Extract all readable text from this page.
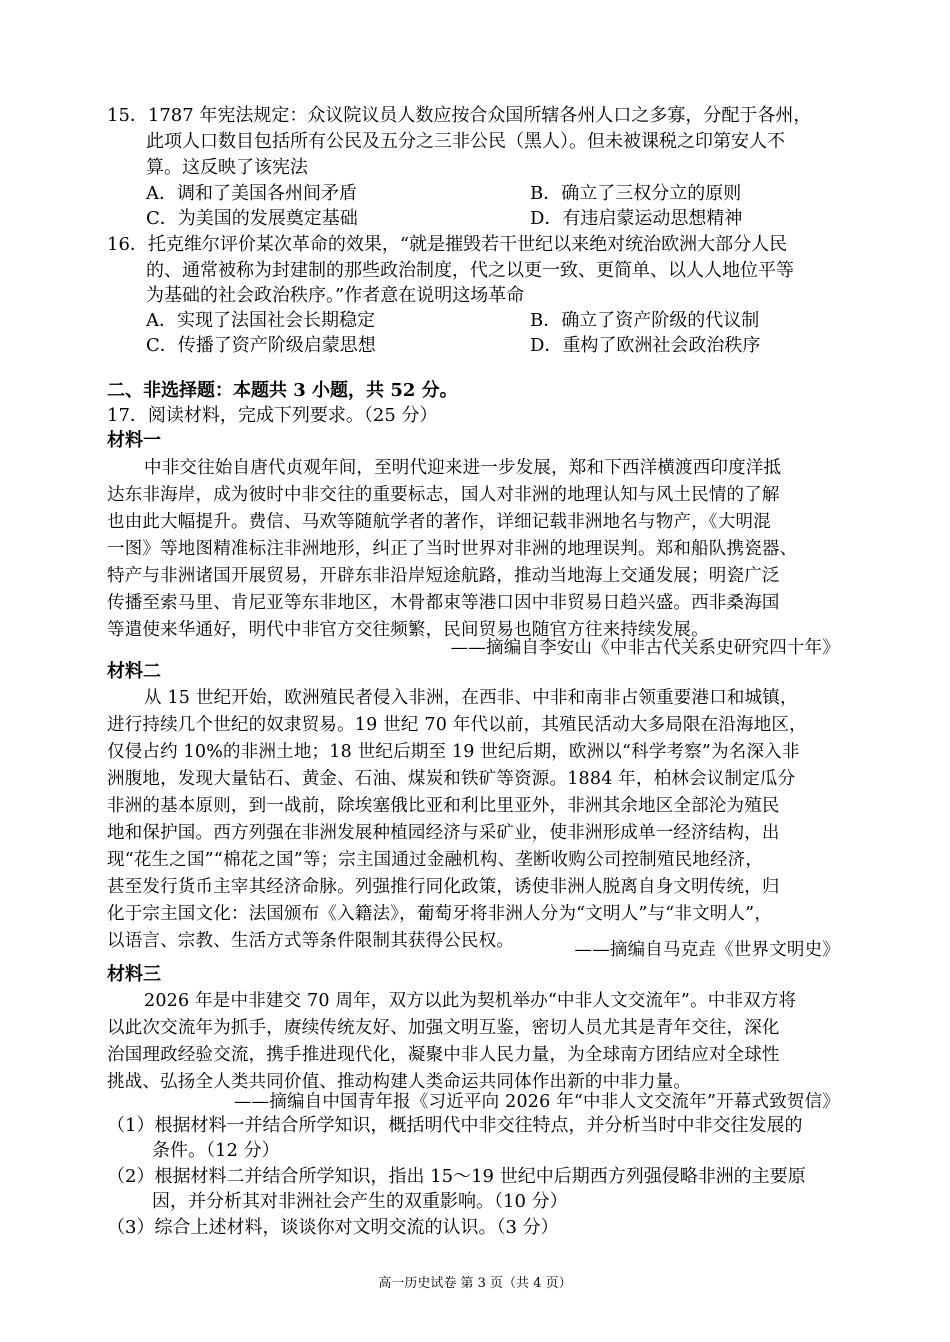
15．1787 年宪法规定：众议院议员人数应按合众国所辖各州人口之多寡，分配于各州，
此项人口数目包括所有公民及五分之三非公民（黑人）。但未被课税之印第安人不
算。这反映了该宪法
A．调和了美国各州间矛盾	B．确立了三权分立的原则
C．为美国的发展奠定基础	D．有违启蒙运动思想精神
16．托克维尔评价某次革命的效果，“就是摧毁若干世纪以来绝对统治欧洲大部分人民
的、通常被称为封建制的那些政治制度，代之以更一致、更简单、以人人地位平等
为基础的社会政治秩序。”作者意在说明这场革命
A．实现了法国社会长期稳定	B．确立了资产阶级的代议制
C．传播了资产阶级启蒙思想	D．重构了欧洲社会政治秩序
二、非选择题：本题共 3 小题，共 52 分。
17．阅读材料，完成下列要求。（25 分）
材料一
中非交往始自唐代贞观年间，至明代迎来进一步发展，郑和下西洋横渡西印度洋抵
达东非海岸，成为彼时中非交往的重要标志，国人对非洲的地理认知与风土民情的了解
也由此大幅提升。费信、马欢等随航学者的著作，详细记载非洲地名与物产，《大明混
一图》等地图精准标注非洲地形，纠正了当时世界对非洲的地理误判。郑和船队携瓷器、
特产与非洲诸国开展贸易，开辟东非沿岸短途航路，推动当地海上交通发展；明瓷广泛
传播至索马里、肯尼亚等东非地区，木骨都束等港口因中非贸易日趋兴盛。西非桑海国
等遣使来华通好，明代中非官方交往频繁，民间贸易也随官方往来持续发展。
——摘编自李安山《中非古代关系史研究四十年》
材料二
从 15 世纪开始，欧洲殖民者侵入非洲，在西非、中非和南非占领重要港口和城镇，
进行持续几个世纪的奴隶贸易。19 世纪 70 年代以前，其殖民活动大多局限在沿海地区，
仅侵占约 10%的非洲土地；18 世纪后期至 19 世纪后期，欧洲以“科学考察”为名深入非
洲腹地，发现大量钻石、黄金、石油、煤炭和铁矿等资源。1884 年，柏林会议制定瓜分
非洲的基本原则，到一战前，除埃塞俄比亚和利比里亚外，非洲其余地区全部沦为殖民
地和保护国。西方列强在非洲发展种植园经济与采矿业，使非洲形成单一经济结构，出
现“花生之国”“棉花之国”等；宗主国通过金融机构、垄断收购公司控制殖民地经济，
甚至发行货币主宰其经济命脉。列强推行同化政策，诱使非洲人脱离自身文明传统，归
化于宗主国文化：法国颁布《入籍法》，葡萄牙将非洲人分为“文明人”与“非文明人”，
以语言、宗教、生活方式等条件限制其获得公民权。	——摘编自马克垚《世界文明史》
材料三
2026 年是中非建交 70 周年，双方以此为契机举办“中非人文交流年”。中非双方将
以此次交流年为抓手，赓续传统友好、加强文明互鉴，密切人员尤其是青年交往，深化
治国理政经验交流，携手推进现代化，凝聚中非人民力量，为全球南方团结应对全球性
挑战、弘扬全人类共同价值、推动构建人类命运共同体作出新的中非力量。
——摘编自中国青年报《习近平向 2026 年“中非人文交流年”开幕式致贺信》
（1）根据材料一并结合所学知识，概括明代中非交往特点，并分析当时中非交往发展的
条件。（12 分）
（2）根据材料二并结合所学知识，指出 15～19 世纪中后期西方列强侵略非洲的主要原
因，并分析其对非洲社会产生的双重影响。（10 分）
（3）综合上述材料，谈谈你对文明交流的认识。（3 分）
高一历史试卷 第 3 页（共 4 页）
